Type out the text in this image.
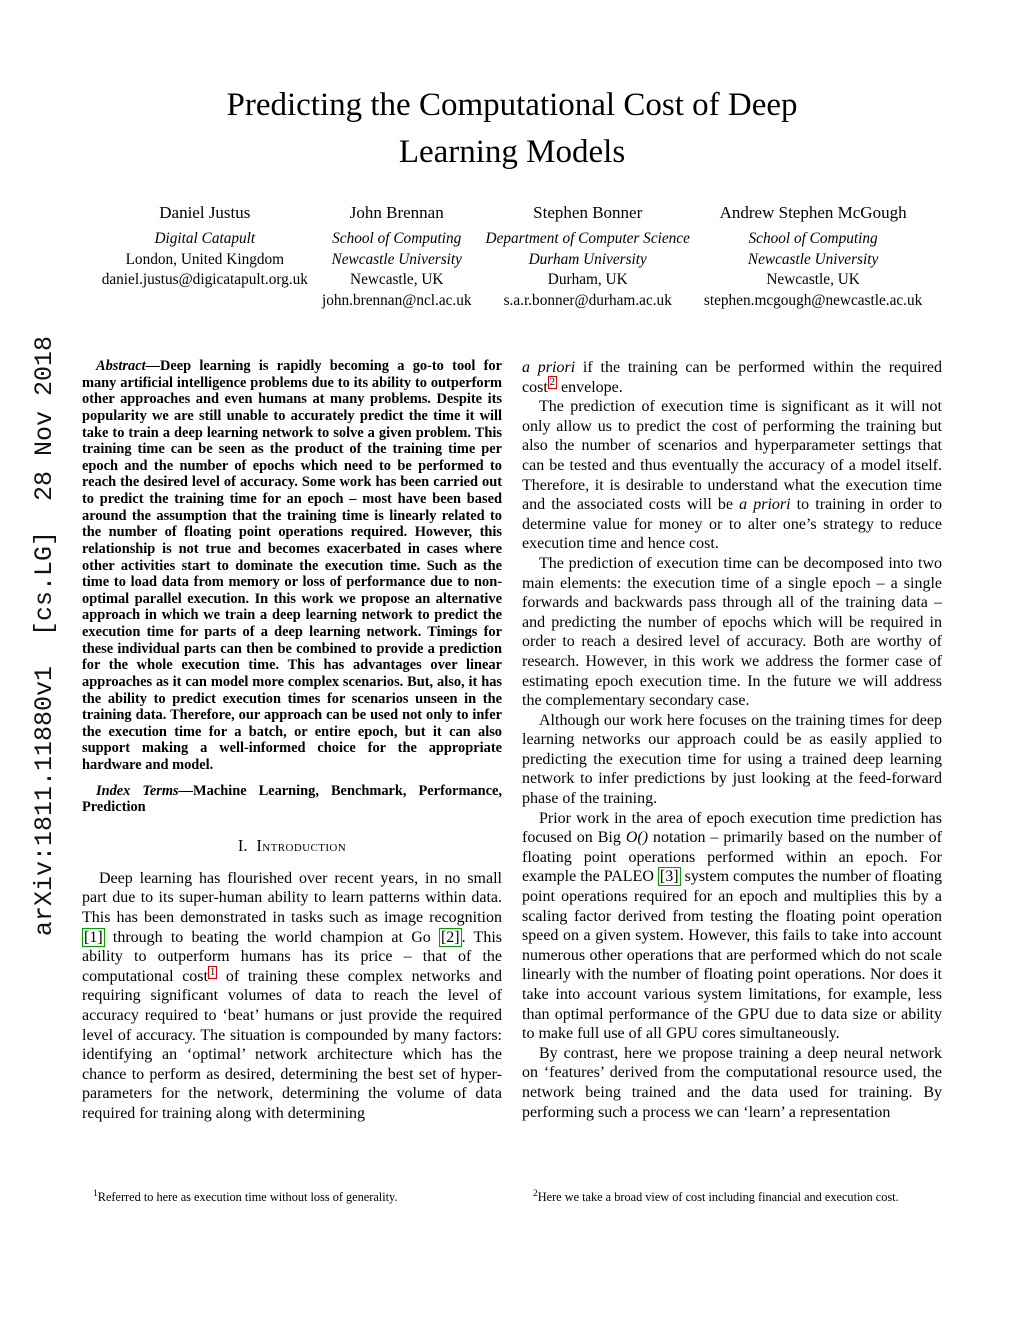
arXiv:1811.11880v1  [cs.LG]  28 Nov 2018
Predicting the Computational Cost of Deep
Learning Models
Daniel Justus
Digital Catapult
London, United Kingdom
daniel.justus@digicatapult.org.uk
John Brennan
School of Computing
Newcastle University
Newcastle, UK
john.brennan@ncl.ac.uk
Stephen Bonner
Department of Computer Science
Durham University
Durham, UK
s.a.r.bonner@durham.ac.uk
Andrew Stephen McGough
School of Computing
Newcastle University
Newcastle, UK
stephen.mcgough@newcastle.ac.uk

Abstract—Deep learning is rapidly becoming a go-to tool for many artificial intelligence problems due to its ability to outperform other approaches and even humans at many problems. Despite its popularity we are still unable to accurately predict the time it will take to train a deep learning network to solve a given problem. This training time can be seen as the product of the training time per epoch and the number of epochs which need to be performed to reach the desired level of accuracy. Some work has been carried out to predict the training time for an epoch – most have been based around the assumption that the training time is linearly related to the number of floating point operations required. However, this relationship is not true and becomes exacerbated in cases where other activities start to dominate the execution time. Such as the time to load data from memory or loss of performance due to non-optimal parallel execution. In this work we propose an alternative approach in which we train a deep learning network to predict the execution time for parts of a deep learning network. Timings for these individual parts can then be combined to provide a prediction for the whole execution time. This has advantages over linear approaches as it can model more complex scenarios. But, also, it has the ability to predict execution times for scenarios unseen in the training data. Therefore, our approach can be used not only to infer the execution time for a batch, or entire epoch, but it can also support making a well-informed choice for the appropriate hardware and model.

Index Terms—Machine Learning, Benchmark, Performance, Prediction

I. Introduction

Deep learning has flourished over recent years, in no small part due to its super-human ability to learn patterns within data. This has been demonstrated in tasks such as image recognition [1] through to beating the world champion at Go [2] . This ability to outperform humans has its price – that of the computational cost $^1$ of training these complex networks and requiring significant volumes of data to reach the level of accuracy required to ‘beat’ humans or just provide the required level of accuracy. The situation is compounded by many factors: identifying an ‘optimal’ network architecture which has the chance to perform as desired, determining the best set of hyper-parameters for the network, determining the volume of data required for training along with determining

$^1$Referred to here as execution time without loss of generality.

a priori if the training can be performed within the required cost $^2$ envelope.

The prediction of execution time is significant as it will not only allow us to predict the cost of performing the training but also the number of scenarios and hyperparameter settings that can be tested and thus eventually the accuracy of a model itself. Therefore, it is desirable to understand what the execution time and the associated costs will be a priori to training in order to determine value for money or to alter one’s strategy to reduce execution time and hence cost.

The prediction of execution time can be decomposed into two main elements: the execution time of a single epoch – a single forwards and backwards pass through all of the training data – and predicting the number of epochs which will be required in order to reach a desired level of accuracy. Both are worthy of research. However, in this work we address the former case of estimating epoch execution time. In the future we will address the complementary secondary case.

Although our work here focuses on the training times for deep learning networks our approach could be as easily applied to predicting the execution time for using a trained deep learning network to infer predictions by just looking at the feed-forward phase of the training.

Prior work in the area of epoch execution time prediction has focused on Big O() notation – primarily based on the number of floating point operations performed within an epoch. For example the PALEO [3] system computes the number of floating point operations required for an epoch and multiplies this by a scaling factor derived from testing the floating point operation speed on a given system. However, this fails to take into account numerous other operations that are performed which do not scale linearly with the number of floating point operations. Nor does it take into account various system limitations, for example, less than optimal performance of the GPU due to data size or ability to make full use of all GPU cores simultaneously.

By contrast, here we propose training a deep neural network on ‘features’ derived from the computational resource used, the network being trained and the data used for training. By performing such a process we can ‘learn’ a representation

$^2$Here we take a broad view of cost including financial and execution cost.
